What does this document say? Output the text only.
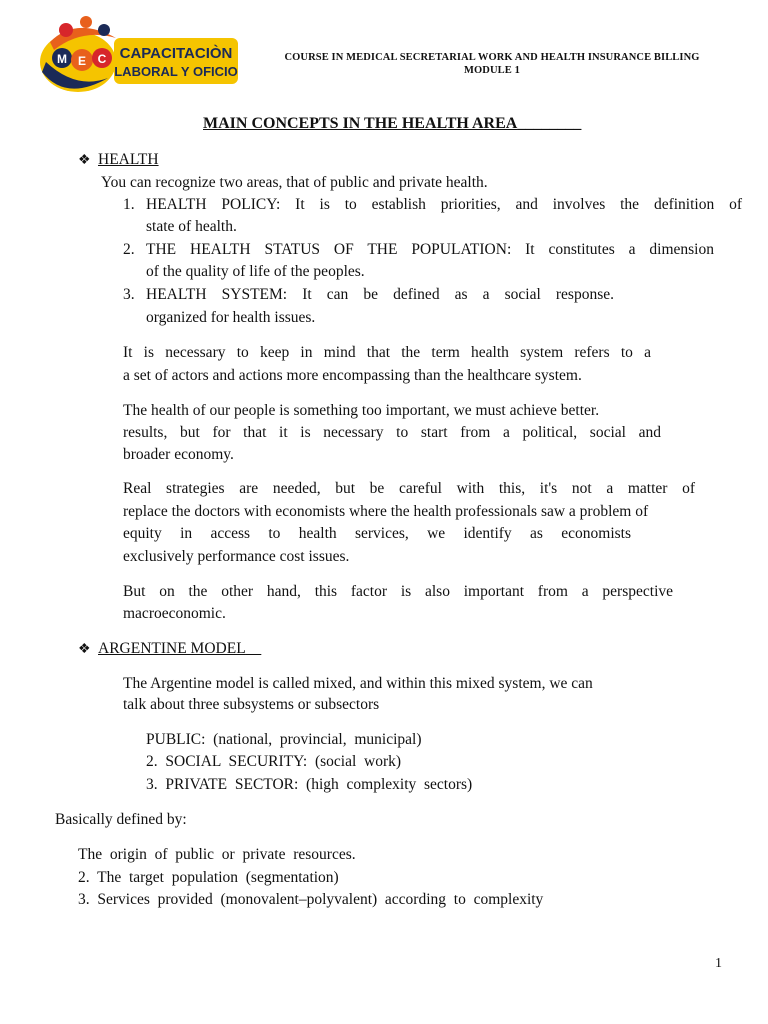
M E C CAPACITACIÒN
LABORAL Y OFICIO
COURSE IN MEDICAL SECRETARIAL WORK AND HEALTH INSURANCE BILLING
MODULE 1
MAIN CONCEPTS IN THE HEALTH AREA________
❖ HEALTH
You can recognize two areas, that of public and private health.
1. HEALTH POLICY: It is to establish priorities, and involves the definition of
state of health.
2. THE HEALTH STATUS OF THE POPULATION: It constitutes a dimension
of the quality of life of the peoples.
3. HEALTH SYSTEM: It can be defined as a social response.
organized for health issues.
It is necessary to keep in mind that the term health system refers to a
a set of actors and actions more encompassing than the healthcare system.
The health of our people is something too important, we must achieve better.
results, but for that it is necessary to start from a political, social and
broader economy.
Real strategies are needed, but be careful with this, it's not a matter of
replace the doctors with economists where the health professionals saw a problem of
equity in access to health services, we identify as economists
exclusively performance cost issues.
But on the other hand, this factor is also important from a perspective
macroeconomic.
❖ ARGENTINE MODEL__
The Argentine model is called mixed, and within this mixed system, we can
talk about three subsystems or subsectors
PUBLIC:  (national,  provincial,  municipal)
2.  SOCIAL  SECURITY:  (social  work)
3.  PRIVATE  SECTOR:  (high  complexity  sectors)
Basically defined by:
The  origin  of  public  or  private  resources.
2.  The  target  population  (segmentation)
3.  Services  provided  (monovalent–polyvalent)  according  to  complexity
1
